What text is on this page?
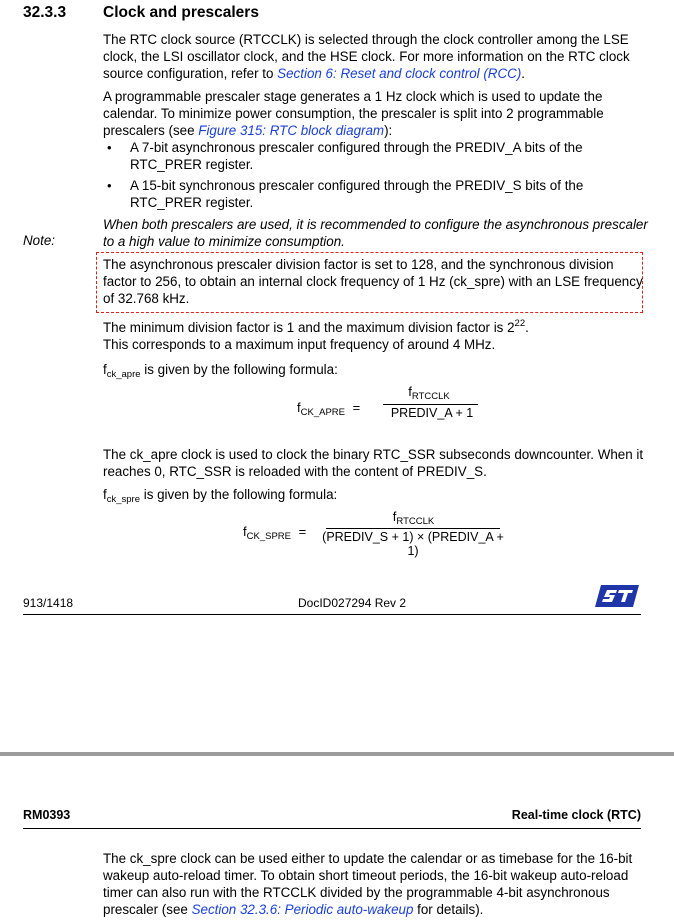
32.3.3 Clock and prescalers

The RTC clock source (RTCCLK) is selected through the clock controller among the LSE clock, the LSI oscillator clock, and the HSE clock. For more information on the RTC clock source configuration, refer to Section 6: Reset and clock control (RCC).

A programmable prescaler stage generates a 1 Hz clock which is used to update the calendar. To minimize power consumption, the prescaler is split into 2 programmable prescalers (see Figure 315: RTC block diagram):

• A 7-bit asynchronous prescaler configured through the PREDIV_A bits of the RTC_PRER register.

• A 15-bit synchronous prescaler configured through the PREDIV_S bits of the RTC_PRER register.

Note:

When both prescalers are used, it is recommended to configure the asynchronous prescaler to a high value to minimize consumption.

The asynchronous prescaler division factor is set to 128, and the synchronous division factor to 256, to obtain an internal clock frequency of 1 Hz (ck_spre) with an LSE frequency of 32.768 kHz.

The minimum division factor is 1 and the maximum division factor is $2^{22}$.

This corresponds to a maximum input frequency of around 4 MHz.

$f_{ck\_apre}$ is given by the following formula:

$f_{CK\_APRE}$ =
$f_{RTCCLK}$
PREDIV_A + 1

The ck_apre clock is used to clock the binary RTC_SSR subseconds downcounter. When it reaches 0, RTC_SSR is reloaded with the content of PREDIV_S.

$f_{ck\_spre}$ is given by the following formula:

$f_{CK\_SPRE}$ =
$f_{RTCCLK}$
(PREDIV_S + 1) × (PREDIV_A + 1)
913/1418	DocID027294 Rev 2
RM0393	Real-time clock (RTC)

The ck_spre clock can be used either to update the calendar or as timebase for the 16-bit wakeup auto-reload timer. To obtain short timeout periods, the 16-bit wakeup auto-reload timer can also run with the RTCCLK divided by the programmable 4-bit asynchronous prescaler (see Section 32.3.6: Periodic auto-wakeup for details).
